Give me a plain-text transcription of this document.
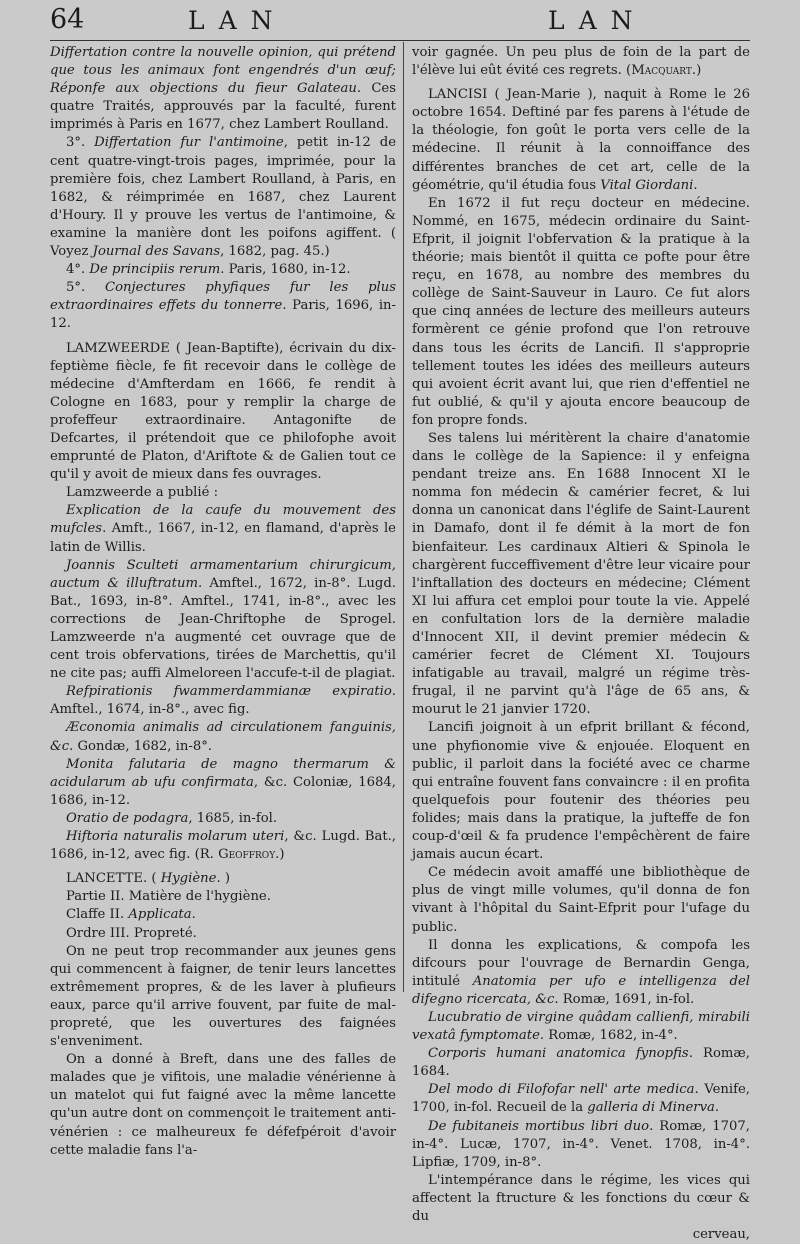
64	LAN	LAN

Differtation contre la nouvelle opinion, qui prétend que tous les animaux font engendrés d'un œuf; Réponfe aux objections du fieur Galateau. Ces quatre Traités, approuvés par la faculté, furent imprimés à Paris en 1677, chez Lambert Roulland.

3°. Differtation fur l'antimoine, petit in-12 de cent quatre-vingt-trois pages, imprimée, pour la première fois, chez Lambert Roulland, à Paris, en 1682, & réimprimée en 1687, chez Laurent d'Houry. Il y prouve les vertus de l'antimoine, & examine la manière dont les poifons agiffent. ( Voyez Journal des Savans, 1682, pag. 45.)

4°. De principiis rerum. Paris, 1680, in-12.

5°. Conjectures phyfiques fur les plus extraordinaires effets du tonnerre. Paris, 1696, in-12.

LAMZWEERDE ( Jean-Baptifte), écrivain du dix-feptième fiècle, fe fit recevoir dans le collège de médecine d'Amfterdam en 1666, fe rendit à Cologne en 1683, pour y remplir la charge de profeffeur extraordinaire. Antagonifte de Defcartes, il prétendoit que ce philofophe avoit emprunté de Platon, d'Ariftote & de Galien tout ce qu'il y avoit de mieux dans fes ouvrages.

Lamzweerde a publié :

Explication de la caufe du mouvement des mufcles. Amft., 1667, in-12, en flamand, d'après le latin de Willis.

Joannis Sculteti armamentarium chirurgicum, auctum & illuftratum. Amftel., 1672, in-8°. Lugd. Bat., 1693, in-8°. Amftel., 1741, in-8°., avec les corrections de Jean-Chriftophe de Sprogel. Lamzweerde n'a augmenté cet ouvrage que de cent trois obfervations, tirées de Marchettis, qu'il ne cite pas; auffi Almeloreen l'accufe-t-il de plagiat.

Refpirationis fwammerdammianæ expiratio. Amftel., 1674, in-8°., avec fig.

Æconomia animalis ad circulationem fanguinis, &c. Gondæ, 1682, in-8°.

Monita falutaria de magno thermarum & acidularum ab ufu confirmata, &c. Coloniæ, 1684, 1686, in-12.

Oratio de podagra, 1685, in-fol.

Hiftoria naturalis molarum uteri, &c. Lugd. Bat., 1686, in-12, avec fig. (R. Geoffroy.)

LANCETTE. ( Hygiène. )

Partie II. Matière de l'hygiène.

Claffe II. Applicata.

Ordre III. Propreté.

On ne peut trop recommander aux jeunes gens qui commencent à faigner, de tenir leurs lancettes extrêmement propres, & de les laver à plufieurs eaux, parce qu'il arrive fouvent, par fuite de mal-propreté, que les ouvertures des faignées s'enveniment.

On a donné à Breft, dans une des falles de malades que je vifitois, une maladie vénérienne à un matelot qui fut faigné avec la même lancette qu'un autre dont on commençoit le traitement anti-vénérien : ce malheureux fe défefpéroit d'avoir cette maladie fans l'a-

voir gagnée. Un peu plus de foin de la part de l'élève lui eût évité ces regrets. (Macquart.)

LANCISI ( Jean-Marie ), naquit à Rome le 26 octobre 1654. Deftiné par fes parens à l'étude de la théologie, fon goût le porta vers celle de la médecine. Il réunit à la connoiffance des différentes branches de cet art, celle de la géométrie, qu'il étudia fous Vital Giordani.

En 1672 il fut reçu docteur en médecine. Nommé, en 1675, médecin ordinaire du Saint-Efprit, il joignit l'obfervation & la pratique à la théorie; mais bientôt il quitta ce pofte pour être reçu, en 1678, au nombre des membres du collège de Saint-Sauveur in Lauro. Ce fut alors que cinq années de lecture des meilleurs auteurs formèrent ce génie profond que l'on retrouve dans tous les écrits de Lancifi. Il s'approprie tellement toutes les idées des meilleurs auteurs qui avoient écrit avant lui, que rien d'effentiel ne fut oublié, & qu'il y ajouta encore beaucoup de fon propre fonds.

Ses talens lui méritèrent la chaire d'anatomie dans le collège de la Sapience: il y enfeigna pendant treize ans. En 1688 Innocent XI le nomma fon médecin & camérier fecret, & lui donna un canonicat dans l'églife de Saint-Laurent in Damafo, dont il fe démit à la mort de fon bienfaiteur. Les cardinaux Altieri & Spinola le chargèrent fucceffivement d'être leur vicaire pour l'inftallation des docteurs en médecine; Clément XI lui affura cet emploi pour toute la vie. Appelé en confultation lors de la dernière maladie d'Innocent XII, il devint premier médecin & camérier fecret de Clément XI. Toujours infatigable au travail, malgré un régime très-frugal, il ne parvint qu'à l'âge de 65 ans, & mourut le 21 janvier 1720.

Lancifi joignoit à un efprit brillant & fécond, une phyfionomie vive & enjouée. Eloquent en public, il parloit dans la fociété avec ce charme qui entraîne fouvent fans convaincre : il en profita quelquefois pour foutenir des théories peu folides; mais dans la pratique, la jufteffe de fon coup-d'œil & fa prudence l'empêchèrent de faire jamais aucun écart.

Ce médecin avoit amaffé une bibliothèque de plus de vingt mille volumes, qu'il donna de fon vivant à l'hôpital du Saint-Efprit pour l'ufage du public.

Il donna les explications, & compofa les difcours pour l'ouvrage de Bernardin Genga, intitulé Anatomia per ufo e intelligenza del difegno ricercata, &c. Romæ, 1691, in-fol.

Lucubratio de virgine quâdam callienfi, mirabili vexatâ fymptomate. Romæ, 1682, in-4°.

Corporis humani anatomica fynopfis. Romæ, 1684.

Del modo di Filofofar nell' arte medica. Venife, 1700, in-fol. Recueil de la galleria di Minerva.

De fubitaneis mortibus libri duo. Romæ, 1707, in-4°. Lucæ, 1707, in-4°. Venet. 1708, in-4°. Lipfiæ, 1709, in-8°.

L'intempérance dans le régime, les vices qui affectent la ftructure & les fonctions du cœur & du

cerveau,
